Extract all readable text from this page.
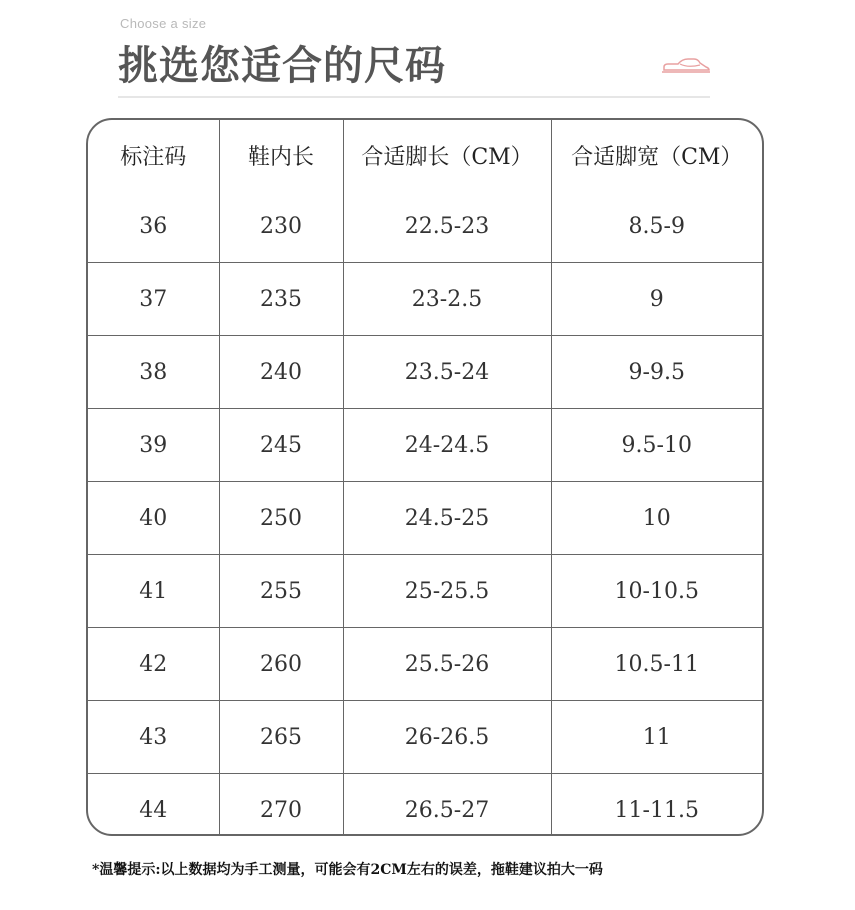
Choose a size
挑选您适合的尺码
标注码	鞋内长	合适脚长（CM）	合适脚宽（CM）
36	230	22.5-23	8.5-9
37	235	23-2.5	9
38	240	23.5-24	9-9.5
39	245	24-24.5	9.5-10
40	250	24.5-25	10
41	255	25-25.5	10-10.5
42	260	25.5-26	10.5-11
43	265	26-26.5	11
44	270	26.5-27	11-11.5
*温馨提示:以上数据均为手工测量，可能会有2CM左右的误差，拖鞋建议拍大一码
